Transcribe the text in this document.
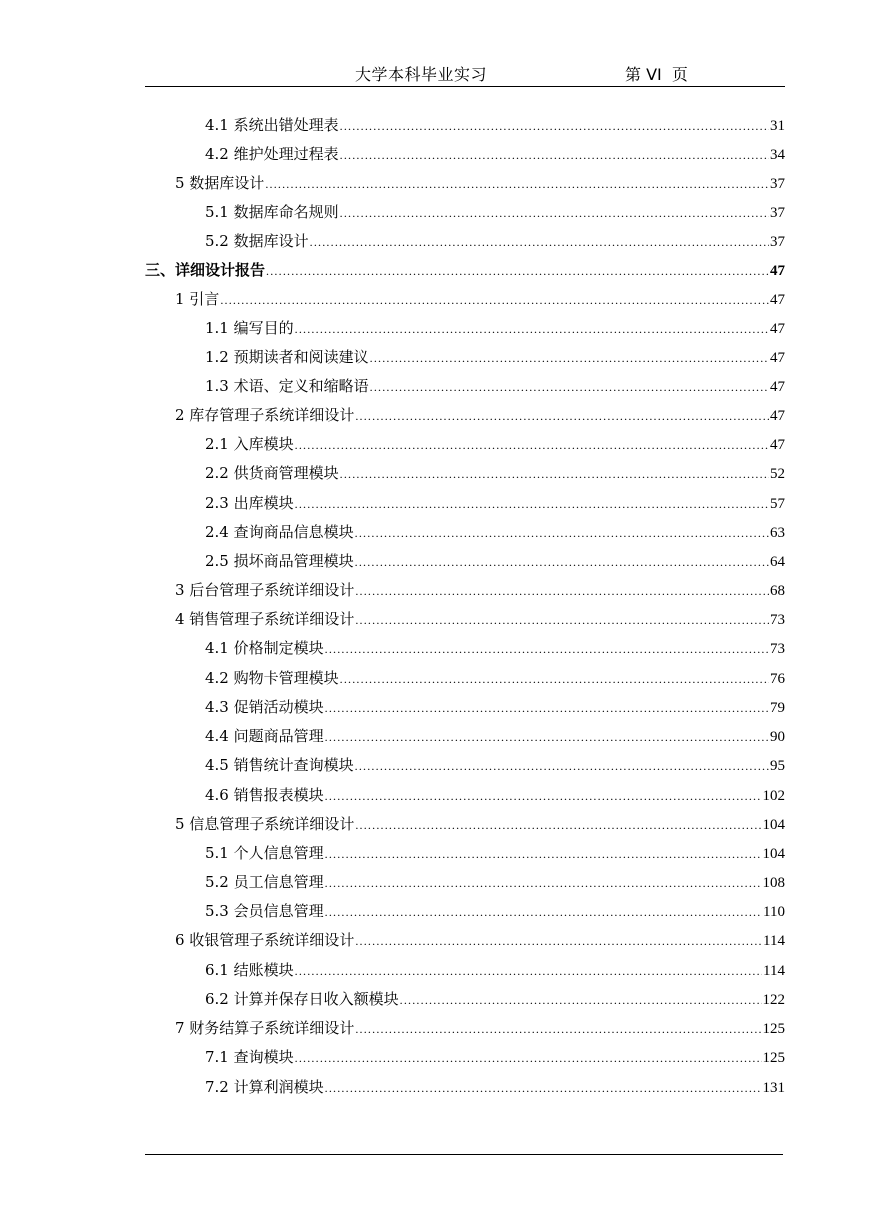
大学本科毕业实习	第 VI  页
4.1 系统出错处理表 .....	31
4.2 维护处理过程表 .....	34
5 数据库设计 .....	37
5.1 数据库命名规则 .....	37
5.2 数据库设计 .....	37
三、详细设计报告 .....	47
1 引言 .....	47
1.1 编写目的 .....	47
1.2 预期读者和阅读建议 .....	47
1.3 术语、定义和缩略语 .....	47
2 库存管理子系统详细设计 .....	47
2.1 入库模块 .....	47
2.2 供货商管理模块 .....	52
2.3 出库模块 .....	57
2.4 查询商品信息模块 .....	63
2.5 损坏商品管理模块 .....	64
3 后台管理子系统详细设计 .....	68
4 销售管理子系统详细设计 .....	73
4.1 价格制定模块 .....	73
4.2 购物卡管理模块 .....	76
4.3 促销活动模块 .....	79
4.4 问题商品管理 .....	90
4.5 销售统计查询模块 .....	95
4.6 销售报表模块 .....	102
5 信息管理子系统详细设计 .....	104
5.1 个人信息管理 .....	104
5.2 员工信息管理 .....	108
5.3 会员信息管理 .....	110
6 收银管理子系统详细设计 .....	114
6.1 结账模块 .....	114
6.2 计算并保存日收入额模块 .....	122
7 财务结算子系统详细设计 .....	125
7.1 查询模块 .....	125
7.2 计算利润模块 .....	131
